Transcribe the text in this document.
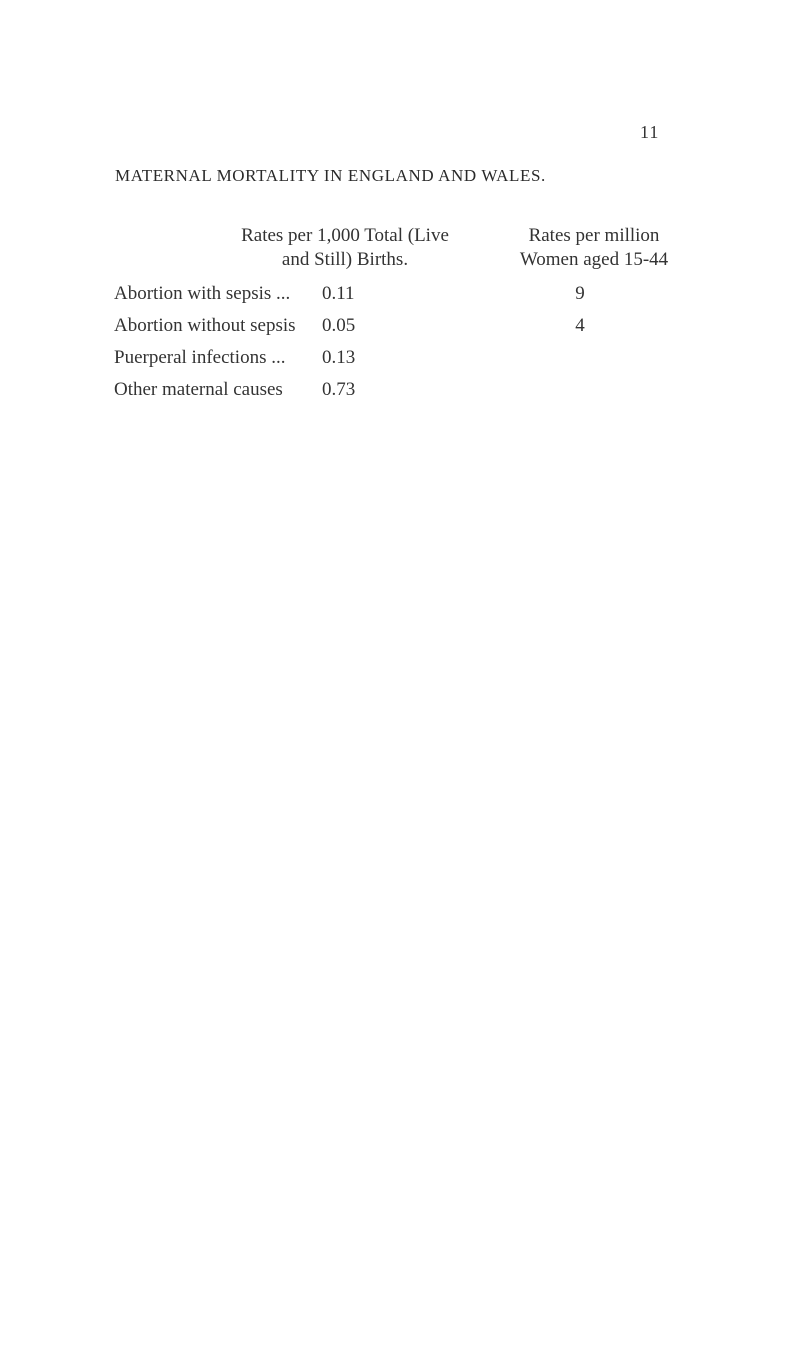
11
MATERNAL MORTALITY IN ENGLAND AND WALES.
Rates per 1,000 Total (Live
and Still) Births.
Rates per million
Women aged 15-44
Abortion with sepsis ... 0.11	9
Abortion without sepsis 0.05	4
Puerperal infections ... 0.13
Other maternal causes 0.73
